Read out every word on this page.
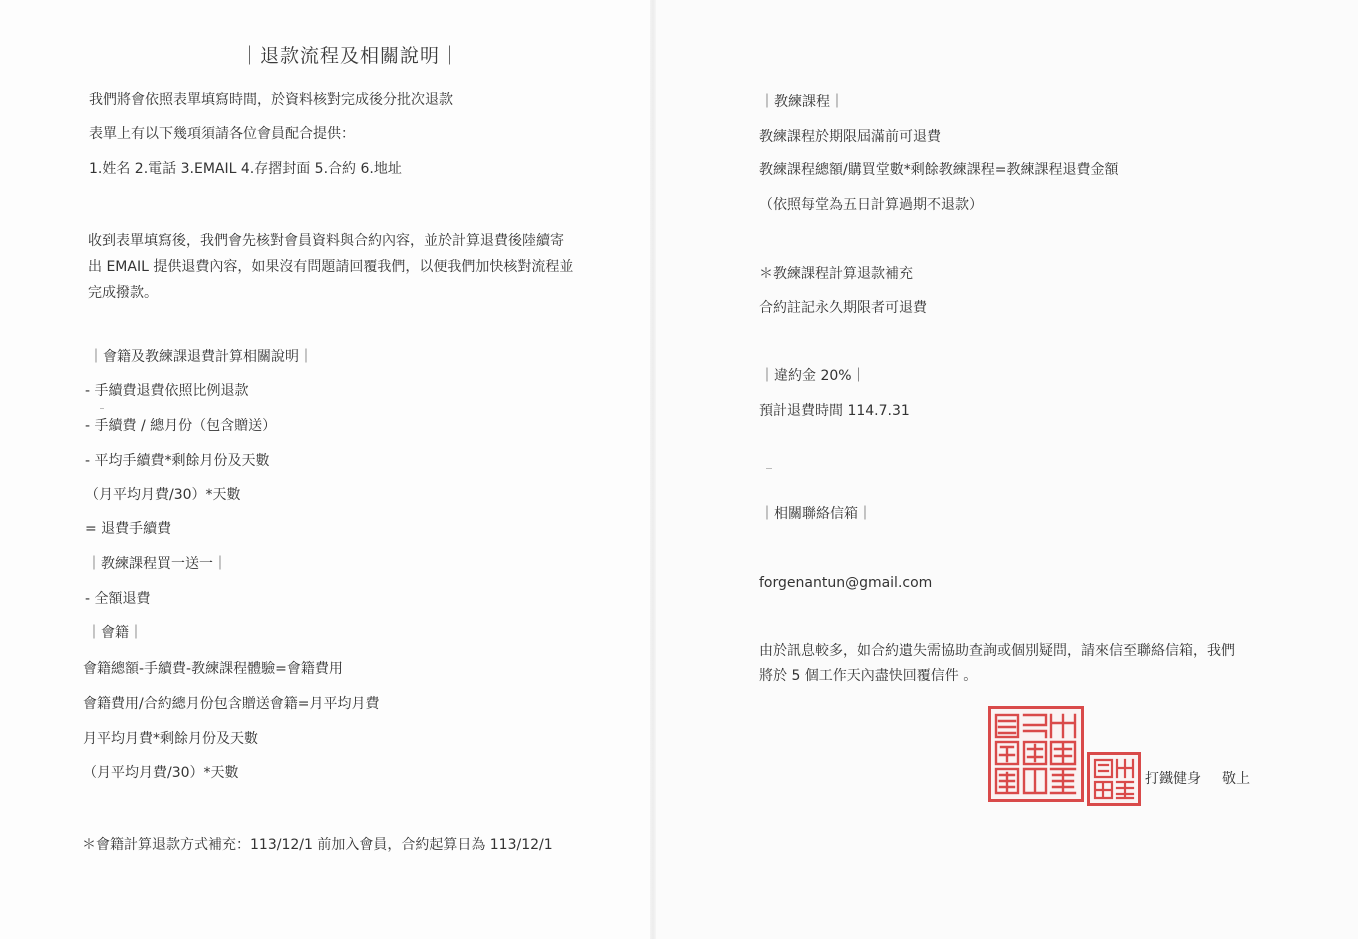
｜退款流程及相關說明｜
我們將會依照表單填寫時間，於資料核對完成後分批次退款
表單上有以下幾項須請各位會員配合提供：
1.姓名 2.電話 3.EMAIL 4.存摺封面 5.合約 6.地址
收到表單填寫後，我們會先核對會員資料與合約內容，並於計算退費後陸續寄
出 EMAIL 提供退費內容，如果沒有問題請回覆我們，以便我們加快核對流程並
完成撥款。
｜會籍及教練課退費計算相關說明｜
- 手續費退費依照比例退款
- 手續費 / 總月份（包含贈送）
- 平均手續費*剩餘月份及天數
（月平均月費/30）*天數
= 退費手續費
｜教練課程買一送一｜
- 全額退費
｜會籍｜
會籍總額-手續費-教練課程體驗=會籍費用
會籍費用/合約總月份包含贈送會籍=月平均月費
月平均月費*剩餘月份及天數
（月平均月費/30）*天數
＊會籍計算退款方式補充：113/12/1 前加入會員，合約起算日為 113/12/1
｜教練課程｜
教練課程於期限屆滿前可退費
教練課程總額/購買堂數*剩餘教練課程=教練課程退費金額
（依照每堂為五日計算過期不退款）
＊教練課程計算退款補充
合約註記永久期限者可退費
｜違約金 20%｜
預計退費時間 114.7.31
｜相關聯絡信箱｜
forgenantun@gmail.com
由於訊息較多，如合約遺失需協助查詢或個別疑問，請來信至聯絡信箱，我們
將於 5 個工作天內盡快回覆信件 。
打鐵健身 敬上
